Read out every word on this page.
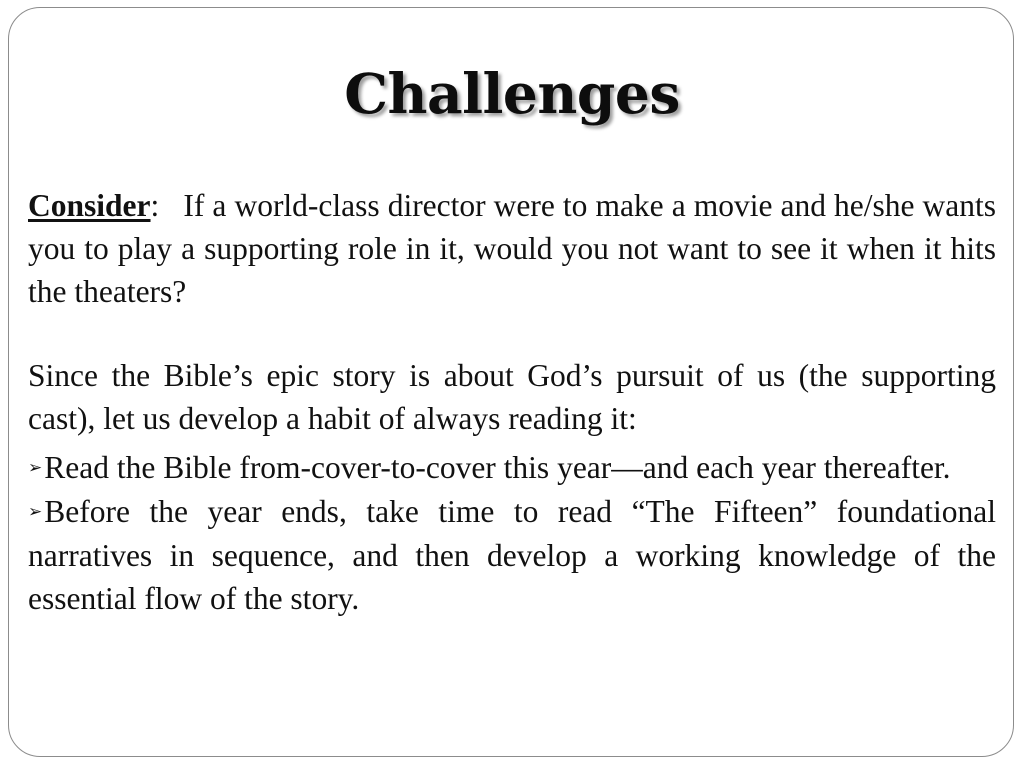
Challenges

Consider: If a world-class director were to make a movie and he/she wants you to play a supporting role in it, would you not want to see it when it hits the theaters?

Since the Bible’s epic story is about God’s pursuit of us (the supporting cast), let us develop a habit of always reading it:

➢Read the Bible from-cover-to-cover this year—and each year thereafter.

➢Before the year ends, take time to read “The Fifteen” foundational narratives in sequence, and then develop a working knowledge of the essential flow of the story.
